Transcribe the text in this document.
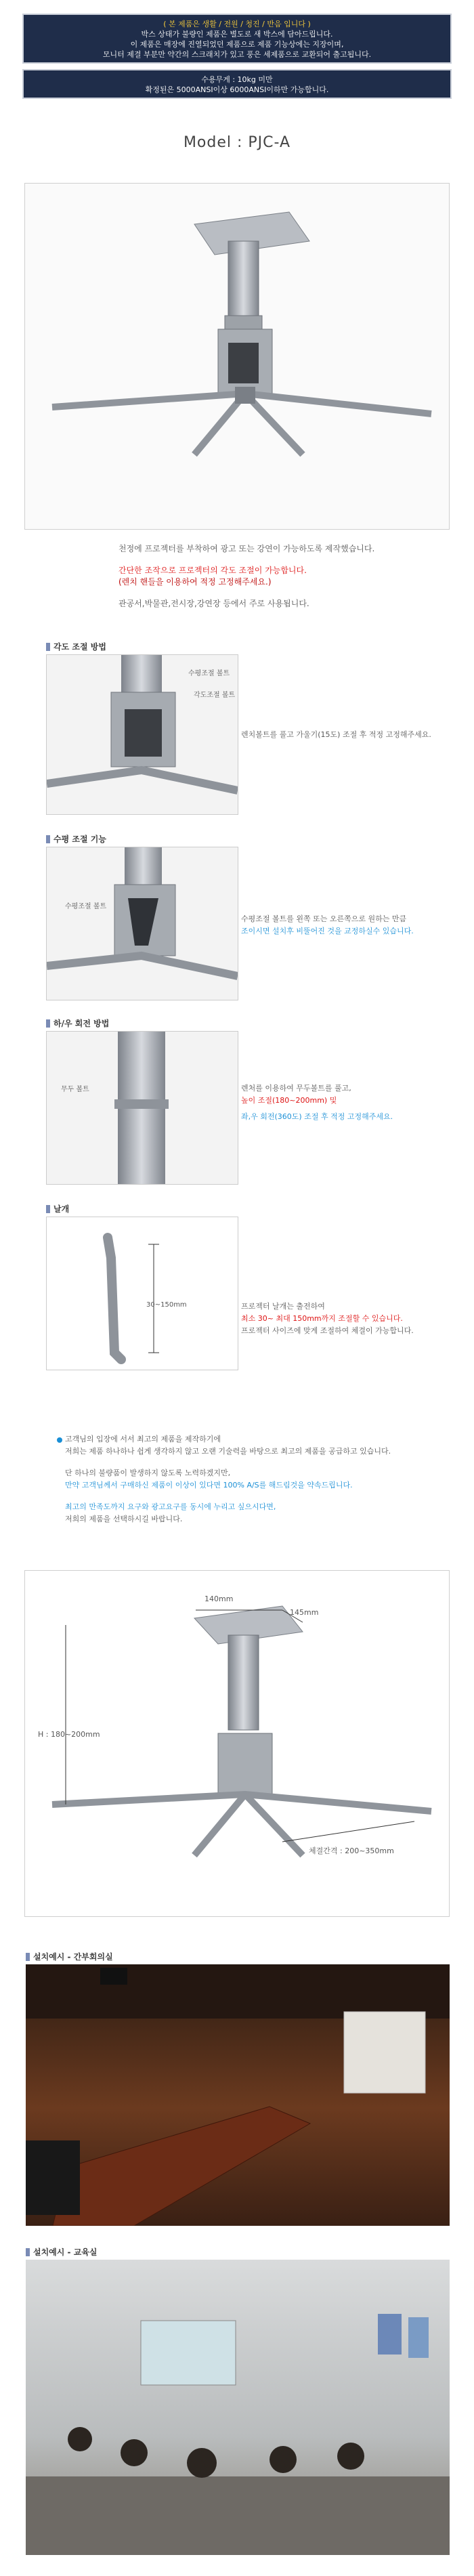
( 본 제품은 생활 / 전원 / 청진 / 반음 입니다 )
박스 상태가 불량인 제품은 별도로 새 박스에 담아드립니다.
이 제품은 매장에 진열되었던 제품으로 제품 기능상에는 지장이며,
모니터 제결 부분만 약간의 스크래치가 있고 풍은 세제품으로 교환되어 출고됩니다.
수용무게 : 10kg 미만
확정된은 5000ANSI이상 6000ANSI이하만 가능합니다.
Model : PJC-A
천정에 프로젝터를 부착하여 광고 또는 강연이 가능하도록 제작했습니다.
간단한 조작으로 프로젝터의 각도 조절이 가능합니다.
(렌치 핸들을 이용하여 적정 고정해주세요.)
관공서,박물관,전시장,강연장 등에서 주로 사용됩니다.
각도 조절 방법
수평조절 볼트
각도조절 볼트
렌치볼트를 풀고 가울기(15도) 조절 후 적정 고정해주세요.
수평 조절 기능
수평조절 볼트
수평조절 볼트를 왼쪽 또는 오른쪽으로 원하는 만큼
조이시면 설치후 비뚤어진 것을 교정하실수 있습니다.
하/우 회전 방법
무두 볼트	렌처를 이용하여 무두볼트를 풀고,
높이 조절(180~200mm) 및
좌,우 회전(360도) 조절 후 적정 고정해주세요.
날개
30~150mm	프로젝터 날개는 출전하여
최소 30~ 최대 150mm까지 조절할 수 있습니다.
프로젝터 사이즈에 맞게 조절하여 체결이 가능합니다.
고객님의 입장에 서서 최고의 제품을 제작하기에
저희는 제품 하나하나 쉽게 생각하지 않고 오랜 기술력을 바탕으로 최고의 제품을 공급하고 있습니다.
단 하나의 불량품이 발생하지 않도록 노력하겠지만,
만약 고객님께서 구매하신 제품이 이상이 있다면 100% A/S를 해드림것을 약속드립니다.
최고의 만족도까지 요구와 광고요구를 동시에 누리고 싶으시다면,
저희의 제품을 선택하시길 바랍니다.
140mm
145mm
H : 180~200mm
체결간격 : 200~350mm
설치예시 - 간부회의실
설치예시 - 교육실
